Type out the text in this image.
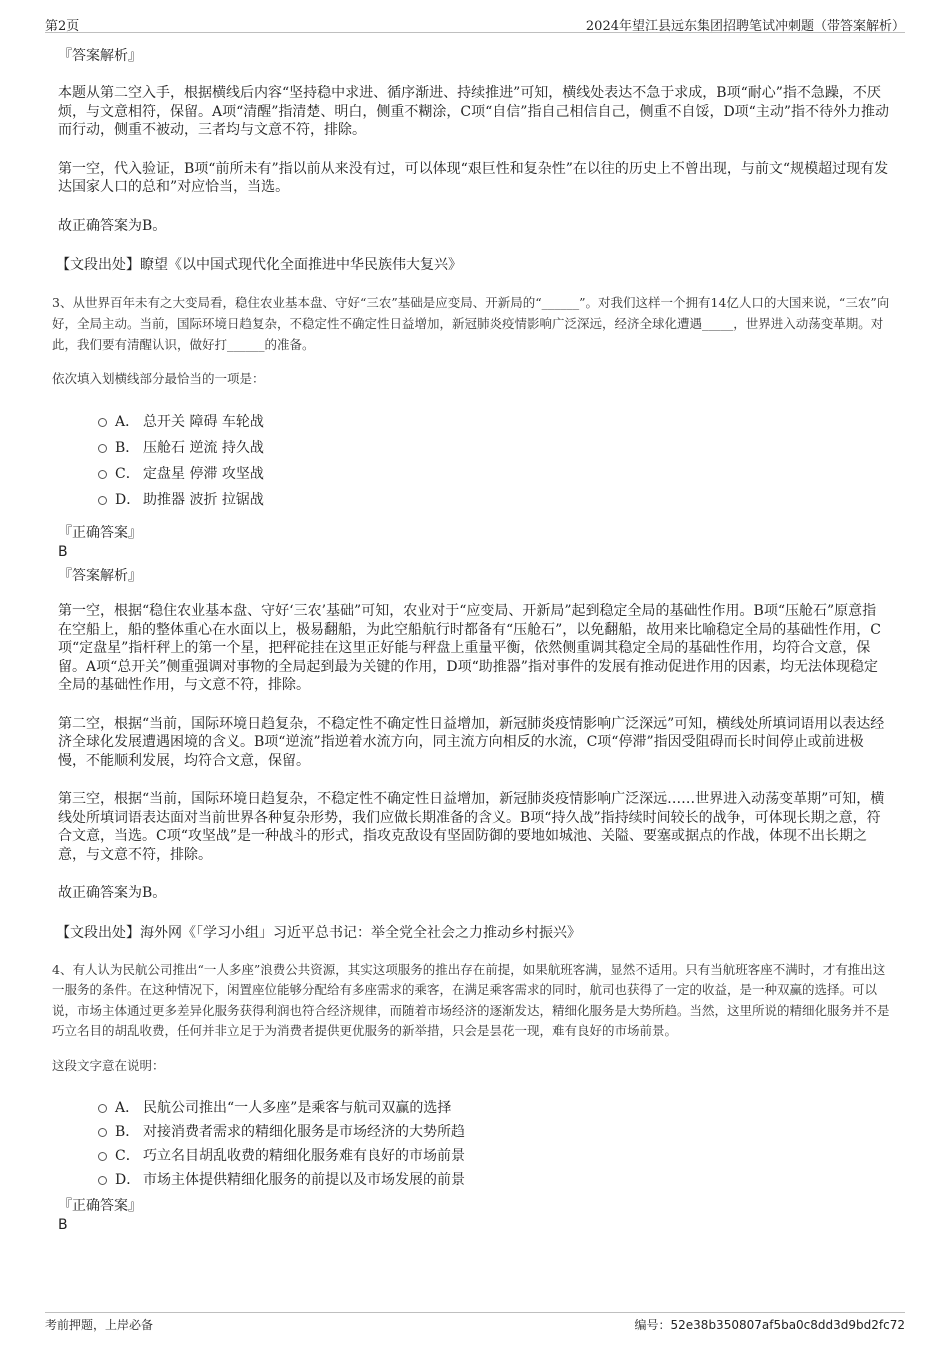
第2页	2024年望江县远东集团招聘笔试冲刺题（带答案解析）
『答案解析』

本题从第二空入手，根据横线后内容“坚持稳中求进、循序渐进、持续推进”可知，横线处表达不急于求成，B项“耐心”指不急躁，不厌烦，与文意相符，保留。A项“清醒”指清楚、明白，侧重不糊涂，C项“自信”指自己相信自己，侧重不自馁，D项“主动”指不待外力推动而行动，侧重不被动，三者均与文意不符，排除。

第一空，代入验证，B项“前所未有”指以前从来没有过，可以体现“艰巨性和复杂性”在以往的历史上不曾出现，与前文“规模超过现有发达国家人口的总和”对应恰当，当选。

故正确答案为B。

【文段出处】瞭望《以中国式现代化全面推进中华民族伟大复兴》

3、从世界百年未有之大变局看，稳住农业基本盘、守好“三农”基础是应变局、开新局的“______”。对我们这样一个拥有14亿人口的大国来说，“三农”向好，全局主动。当前，国际环境日趋复杂，不稳定性不确定性日益增加，新冠肺炎疫情影响广泛深远，经济全球化遭遇_____，世界进入动荡变革期。对此，我们要有清醒认识，做好打______的准备。

依次填入划横线部分最恰当的一项是：

A． 总开关 障碍 车轮战
B． 压舱石 逆流 持久战
C． 定盘星 停滞 攻坚战
D． 助推器 波折 拉锯战
『正确答案』
B
『答案解析』

第一空，根据“稳住农业基本盘、守好‘三农’基础”可知，农业对于“应变局、开新局”起到稳定全局的基础性作用。B项“压舱石”原意指在空船上，船的整体重心在水面以上，极易翻船，为此空船航行时都备有“压舱石”，以免翻船，故用来比喻稳定全局的基础性作用，C项“定盘星”指杆秤上的第一个星，把秤砣挂在这里正好能与秤盘上重量平衡，依然侧重调其稳定全局的基础性作用，均符合文意，保留。A项“总开关”侧重强调对事物的全局起到最为关键的作用，D项“助推器”指对事件的发展有推动促进作用的因素，均无法体现稳定全局的基础性作用，与文意不符，排除。

第二空，根据“当前，国际环境日趋复杂，不稳定性不确定性日益增加，新冠肺炎疫情影响广泛深远”可知，横线处所填词语用以表达经济全球化发展遭遇困境的含义。B项“逆流”指逆着水流方向，同主流方向相反的水流，C项“停滞”指因受阻碍而长时间停止或前进极慢，不能顺利发展，均符合文意，保留。

第三空，根据“当前，国际环境日趋复杂，不稳定性不确定性日益增加，新冠肺炎疫情影响广泛深远……世界进入动荡变革期”可知，横线处所填词语表达面对当前世界各种复杂形势，我们应做长期准备的含义。B项“持久战”指持续时间较长的战争，可体现长期之意，符合文意，当选。C项“攻坚战”是一种战斗的形式，指攻克敌设有坚固防御的要地如城池、关隘、要塞或据点的作战，体现不出长期之意，与文意不符，排除。

故正确答案为B。

【文段出处】海外网《「学习小组」习近平总书记：举全党全社会之力推动乡村振兴》

4、有人认为民航公司推出“一人多座”浪费公共资源，其实这项服务的推出存在前提，如果航班客满，显然不适用。只有当航班客座不满时，才有推出这一服务的条件。在这种情况下，闲置座位能够分配给有多座需求的乘客，在满足乘客需求的同时，航司也获得了一定的收益，是一种双赢的选择。可以说，市场主体通过更多差异化服务获得利润也符合经济规律，而随着市场经济的逐渐发达，精细化服务是大势所趋。当然，这里所说的精细化服务并不是巧立名目的胡乱收费，任何并非立足于为消费者提供更优服务的新举措，只会是昙花一现，难有良好的市场前景。

这段文字意在说明：

A． 民航公司推出“一人多座”是乘客与航司双赢的选择
B． 对接消费者需求的精细化服务是市场经济的大势所趋
C． 巧立名目胡乱收费的精细化服务难有良好的市场前景
D． 市场主体提供精细化服务的前提以及市场发展的前景
『正确答案』
B
考前押题，上岸必备	编号：52e38b350807af5ba0c8dd3d9bd2fc72
